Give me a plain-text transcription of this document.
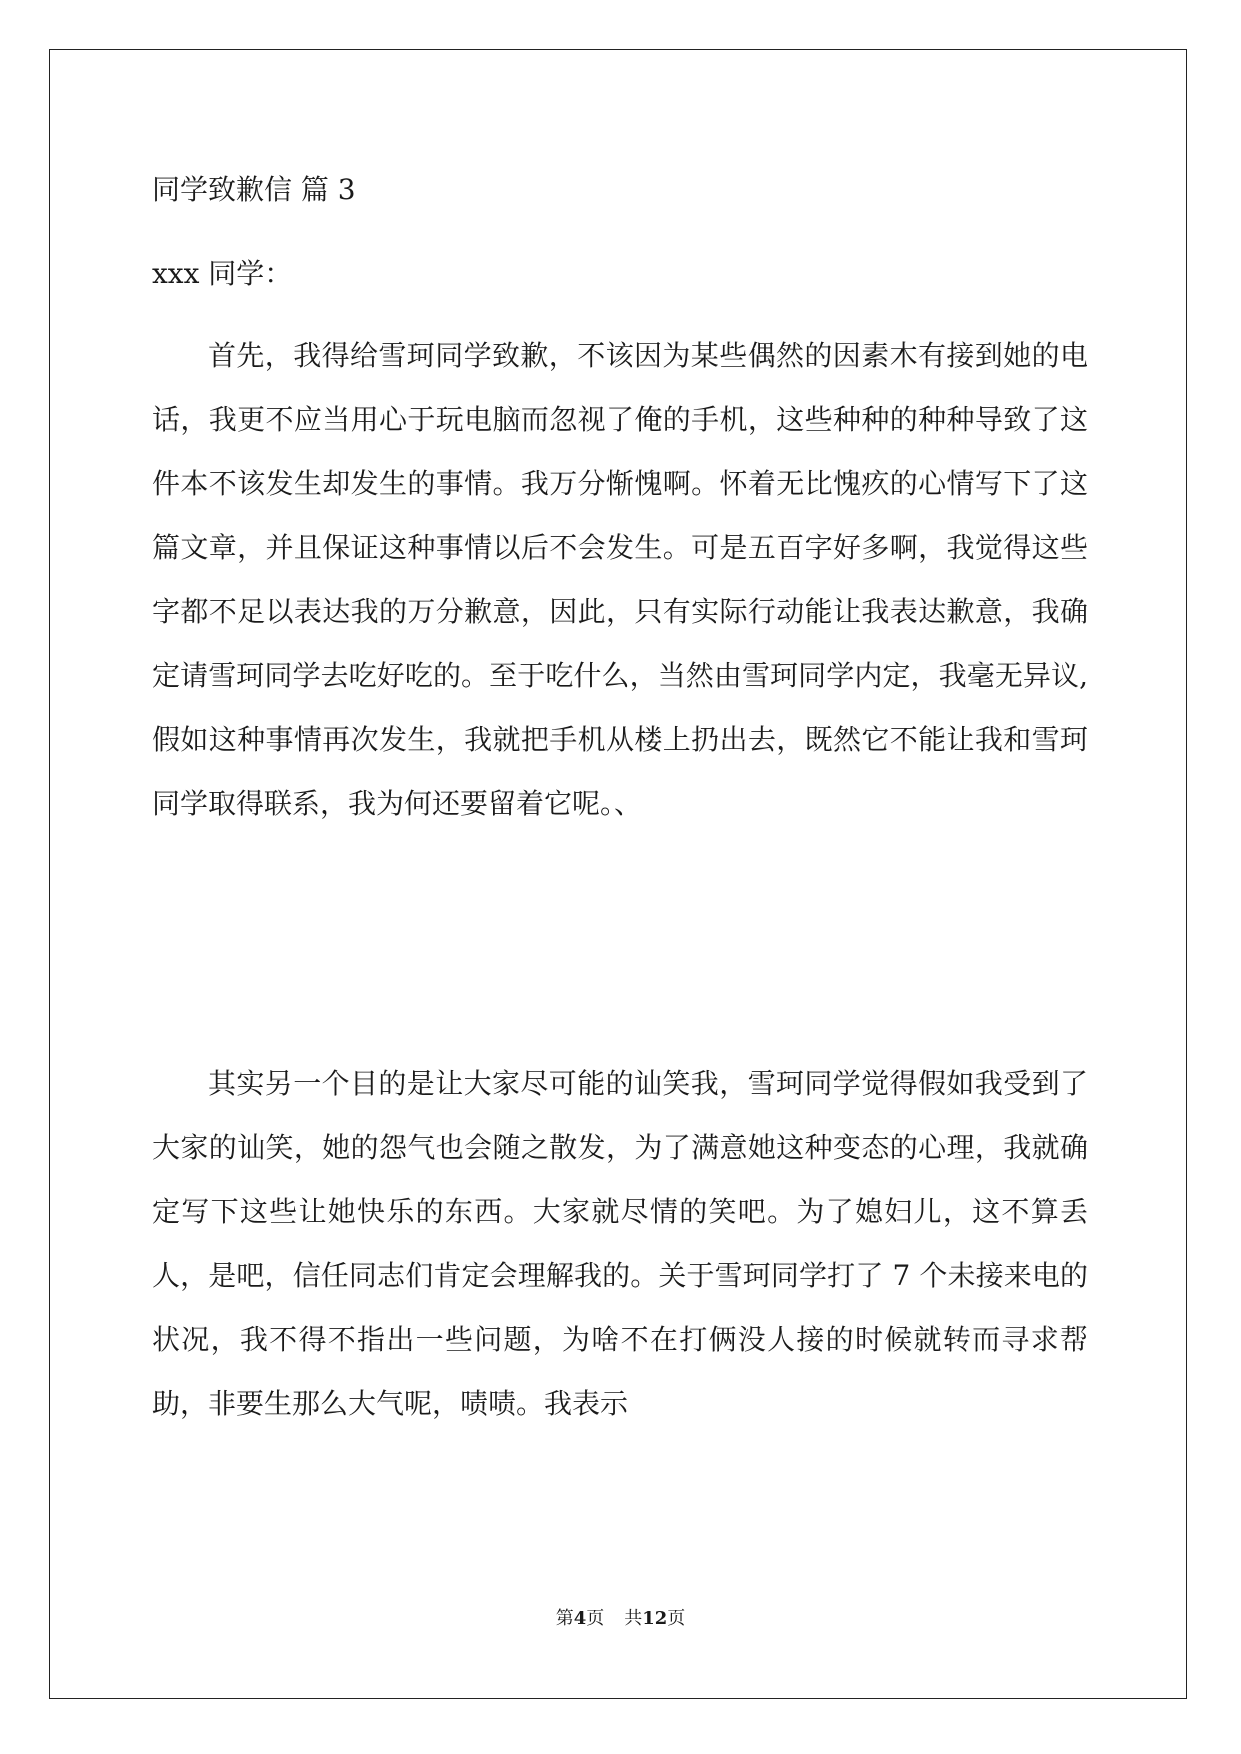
同学致歉信 篇 3
xxx 同学：

首先，我得给雪珂同学致歉，不该因为某些偶然的因素木有接到她的电话，我更不应当用心于玩电脑而忽视了俺的手机，这些种种的种种导致了这件本不该发生却发生的事情。我万分惭愧啊。怀着无比愧疚的心情写下了这篇文章，并且保证这种事情以后不会发生。可是五百字好多啊，我觉得这些字都不足以表达我的万分歉意，因此，只有实际行动能让我表达歉意，我确定请雪珂同学去吃好吃的。至于吃什么，当然由雪珂同学内定，我毫无异议,假如这种事情再次发生，我就把手机从楼上扔出去，既然它不能让我和雪珂同学取得联系，我为何还要留着它呢。、

其实另一个目的是让大家尽可能的讪笑我，雪珂同学觉得假如我受到了大家的讪笑，她的怨气也会随之散发，为了满意她这种变态的心理，我就确定写下这些让她快乐的东西。大家就尽情的笑吧。为了媳妇儿，这不算丢人，是吧，信任同志们肯定会理解我的。关于雪珂同学打了 7 个未接来电的状况，我不得不指出一些问题，为啥不在打俩没人接的时候就转而寻求帮助，非要生那么大气呢，啧啧。我表示

第4页 共12页
